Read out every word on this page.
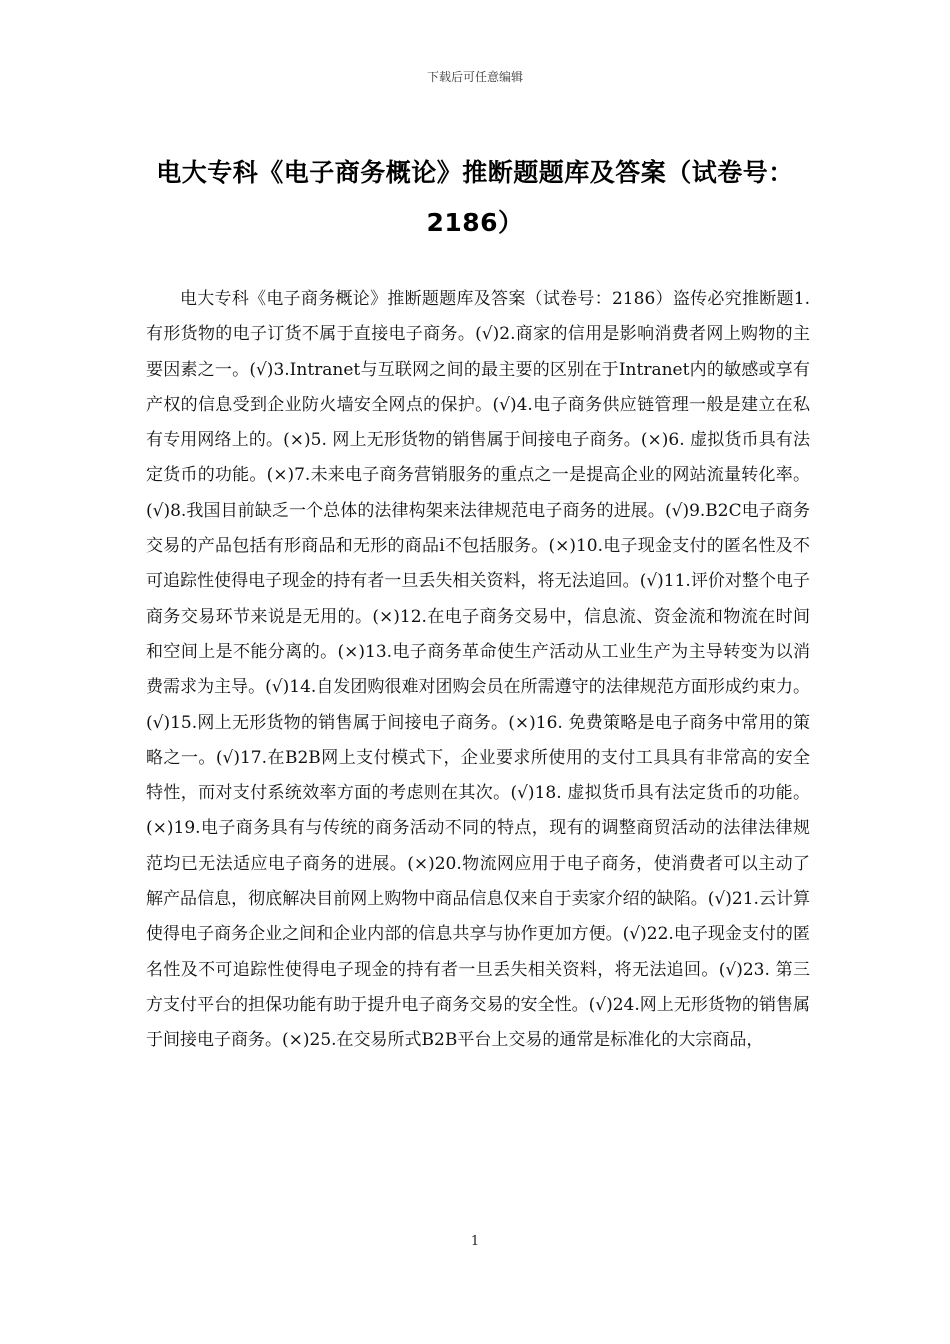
下载后可任意编辑
电大专科《电子商务概论》推断题题库及答案（试卷号：
2186）
电大专科《电子商务概论》推断题题库及答案（试卷号：2186）盗传必究推断题1.有形货物的电子订货不属于直接电子商务。(√)2.商家的信用是影响消费者网上购物的主要因素之一。(√)3.Intranet与互联网之间的最主要的区别在于Intranet内的敏感或享有产权的信息受到企业防火墙安全网点的保护。(√)4.电子商务供应链管理一般是建立在私有专用网络上的。(×)5. 网上无形货物的销售属于间接电子商务。(×)6. 虚拟货币具有法定货币的功能。(×)7.未来电子商务营销服务的重点之一是提高企业的网站流量转化率。(√)8.我国目前缺乏一个总体的法律构架来法律规范电子商务的进展。(√)9.B2C电子商务交易的产品包括有形商品和无形的商品i不包括服务。(×)10.电子现金支付的匿名性及不可追踪性使得电子现金的持有者一旦丢失相关资料，将无法追回。(√)11.评价对整个电子商务交易环节来说是无用的。(×)12.在电子商务交易中，信息流、资金流和物流在时间和空间上是不能分离的。(×)13.电子商务革命使生产活动从工业生产为主导转变为以消费需求为主导。(√)14.自发团购很难对团购会员在所需遵守的法律规范方面形成约束力。(√)15.网上无形货物的销售属于间接电子商务。(×)16. 免费策略是电子商务中常用的策略之一。(√)17.在B2B网上支付模式下，企业要求所使用的支付工具具有非常高的安全特性，而对支付系统效率方面的考虑则在其次。(√)18. 虚拟货币具有法定货币的功能。(×)19.电子商务具有与传统的商务活动不同的特点，现有的调整商贸活动的法律法律规范均已无法适应电子商务的进展。(×)20.物流网应用于电子商务，使消费者可以主动了解产品信息，彻底解决目前网上购物中商品信息仅来自于卖家介绍的缺陷。(√)21.云计算使得电子商务企业之间和企业内部的信息共享与协作更加方便。(√)22.电子现金支付的匿名性及不可追踪性使得电子现金的持有者一旦丢失相关资料，将无法追回。(√)23. 第三方支付平台的担保功能有助于提升电子商务交易的安全性。(√)24.网上无形货物的销售属于间接电子商务。(×)25.在交易所式B2B平台上交易的通常是标准化的大宗商品，
1
